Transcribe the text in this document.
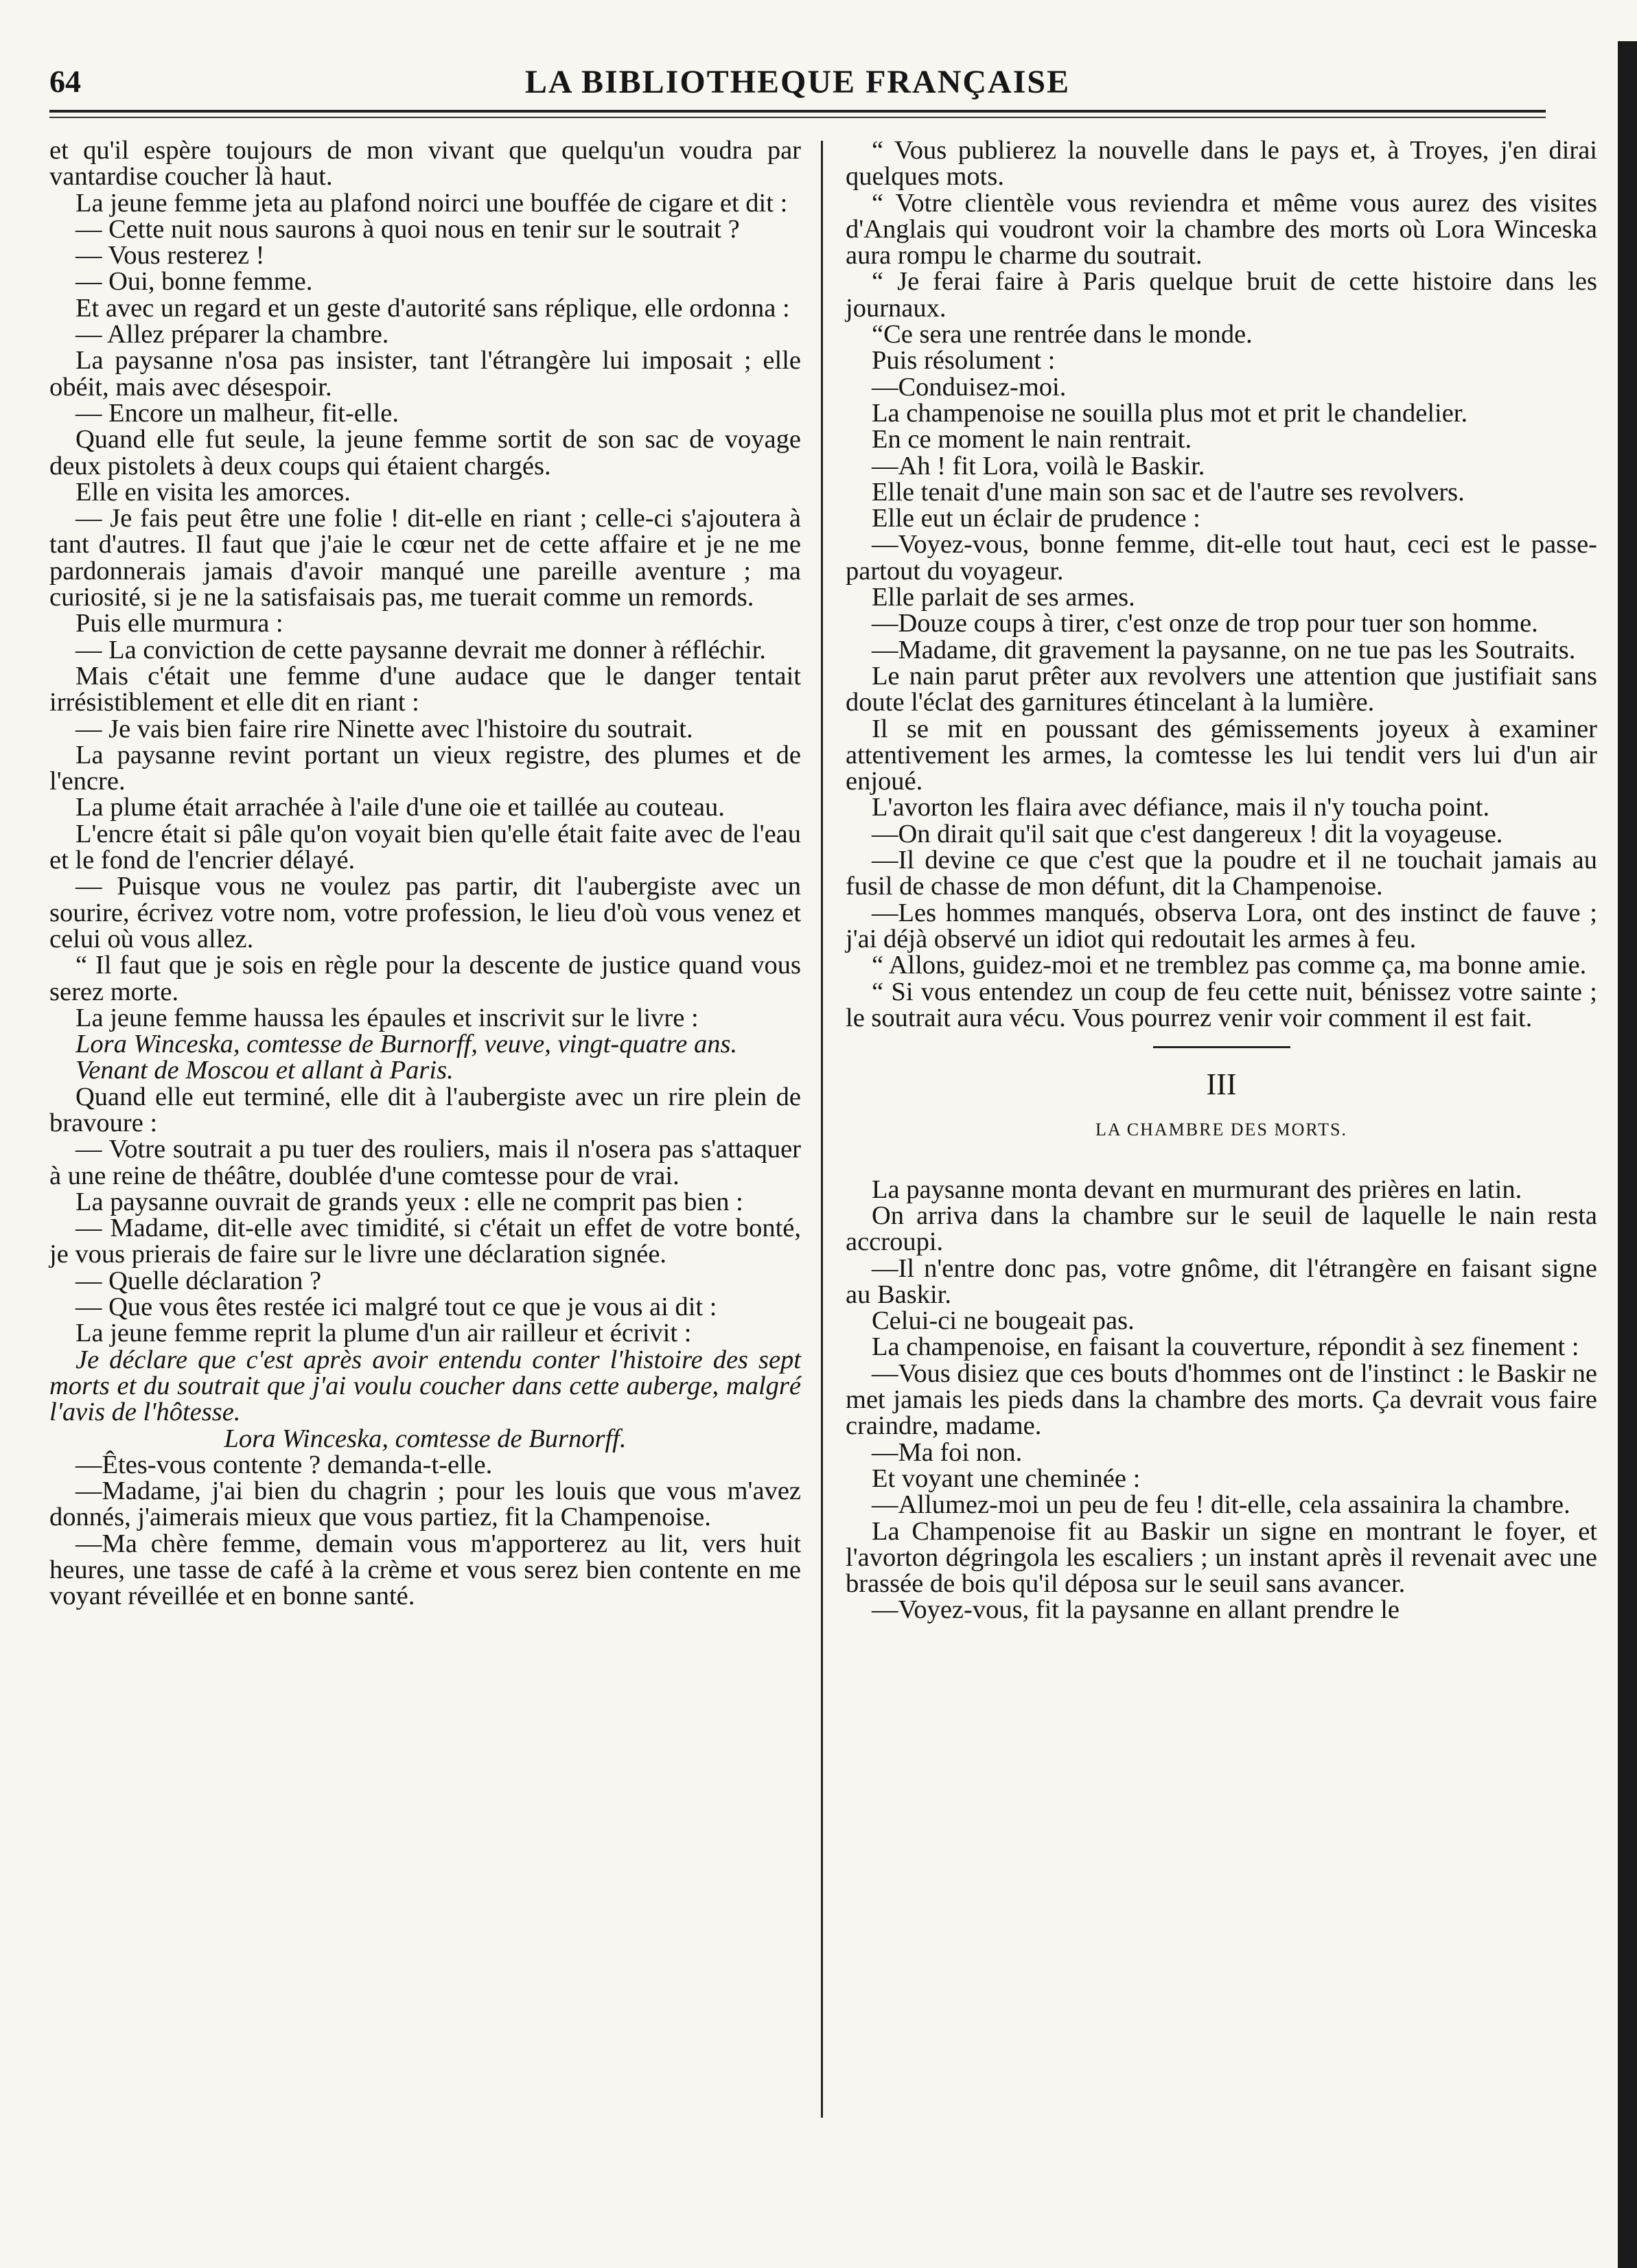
LA BIBLIOTHEQUE FRANÇAISE
64

et qu'il espère toujours de mon vivant que quelqu'un voudra par vantardise coucher là haut.

La jeune femme jeta au plafond noirci une bouffée de cigare et dit :

— Cette nuit nous saurons à quoi nous en tenir sur le soutrait ?

— Vous resterez !

— Oui, bonne femme.

Et avec un regard et un geste d'autorité sans réplique, elle ordonna :

— Allez préparer la chambre.

La paysanne n'osa pas insister, tant l'étrangère lui imposait ; elle obéit, mais avec désespoir.

— Encore un malheur, fit-elle.

Quand elle fut seule, la jeune femme sortit de son sac de voyage deux pistolets à deux coups qui étaient chargés.

Elle en visita les amorces.

— Je fais peut être une folie ! dit-elle en riant ; celle-ci s'ajoutera à tant d'autres. Il faut que j'aie le cœur net de cette affaire et je ne me pardonnerais jamais d'avoir manqué une pareille aventure ; ma curiosité, si je ne la satisfaisais pas, me tuerait comme un remords.

Puis elle murmura :

— La conviction de cette paysanne devrait me donner à réfléchir.

Mais c'était une femme d'une audace que le danger tentait irrésistiblement et elle dit en riant :

— Je vais bien faire rire Ninette avec l'histoire du soutrait.

La paysanne revint portant un vieux registre, des plumes et de l'encre.

La plume était arrachée à l'aile d'une oie et taillée au couteau.

L'encre était si pâle qu'on voyait bien qu'elle était faite avec de l'eau et le fond de l'encrier délayé.

— Puisque vous ne voulez pas partir, dit l'aubergiste avec un sourire, écrivez votre nom, votre profession, le lieu d'où vous venez et celui où vous allez.

“ Il faut que je sois en règle pour la descente de justice quand vous serez morte.

La jeune femme haussa les épaules et inscrivit sur le livre :

Lora Winceska, comtesse de Burnorff, veuve, vingt-quatre ans.

Venant de Moscou et allant à Paris.

Quand elle eut terminé, elle dit à l'aubergiste avec un rire plein de bravoure :

— Votre soutrait a pu tuer des rouliers, mais il n'osera pas s'attaquer à une reine de théâtre, doublée d'une comtesse pour de vrai.

La paysanne ouvrait de grands yeux : elle ne comprit pas bien :

— Madame, dit-elle avec timidité, si c'était un effet de votre bonté, je vous prierais de faire sur le livre une déclaration signée.

— Quelle déclaration ?

— Que vous êtes restée ici malgré tout ce que je vous ai dit :

La jeune femme reprit la plume d'un air railleur et écrivit :

Je déclare que c'est après avoir entendu conter l'histoire des sept morts et du soutrait que j'ai voulu coucher dans cette auberge, malgré l'avis de l'hôtesse.

Lora Winceska, comtesse de Burnorff.

—Êtes-vous contente ? demanda-t-elle.

—Madame, j'ai bien du chagrin ; pour les louis que vous m'avez donnés, j'aimerais mieux que vous partiez, fit la Champenoise.

—Ma chère femme, demain vous m'apporterez au lit, vers huit heures, une tasse de café à la crème et vous serez bien contente en me voyant réveillée et en bonne santé.

“ Vous publierez la nouvelle dans le pays et, à Troyes, j'en dirai quelques mots.

“ Votre clientèle vous reviendra et même vous aurez des visites d'Anglais qui voudront voir la chambre des morts où Lora Winceska aura rompu le charme du soutrait.

“ Je ferai faire à Paris quelque bruit de cette histoire dans les journaux.

“Ce sera une rentrée dans le monde.

Puis résolument :

—Conduisez-moi.

La champenoise ne souilla plus mot et prit le chandelier.

En ce moment le nain rentrait.

—Ah ! fit Lora, voilà le Baskir.

Elle tenait d'une main son sac et de l'autre ses revolvers.

Elle eut un éclair de prudence :

—Voyez-vous, bonne femme, dit-elle tout haut, ceci est le passe-partout du voyageur.

Elle parlait de ses armes.

—Douze coups à tirer, c'est onze de trop pour tuer son homme.

—Madame, dit gravement la paysanne, on ne tue pas les Soutraits.

Le nain parut prêter aux revolvers une attention que justifiait sans doute l'éclat des garnitures étincelant à la lumière.

Il se mit en poussant des gémissements joyeux à examiner attentivement les armes, la comtesse les lui tendit vers lui d'un air enjoué.

L'avorton les flaira avec défiance, mais il n'y toucha point.

—On dirait qu'il sait que c'est dangereux ! dit la voyageuse.

—Il devine ce que c'est que la poudre et il ne touchait jamais au fusil de chasse de mon défunt, dit la Champenoise.

—Les hommes manqués, observa Lora, ont des instinct de fauve ; j'ai déjà observé un idiot qui redoutait les armes à feu.

“ Allons, guidez-moi et ne tremblez pas comme ça, ma bonne amie.

“ Si vous entendez un coup de feu cette nuit, bénissez votre sainte ; le soutrait aura vécu. Vous pourrez venir voir comment il est fait.

III

LA CHAMBRE DES MORTS.

La paysanne monta devant en murmurant des prières en latin.

On arriva dans la chambre sur le seuil de laquelle le nain resta accroupi.

—Il n'entre donc pas, votre gnôme, dit l'étrangère en faisant signe au Baskir.

Celui-ci ne bougeait pas.

La champenoise, en faisant la couverture, répondit à sez finement :

—Vous disiez que ces bouts d'hommes ont de l'instinct : le Baskir ne met jamais les pieds dans la chambre des morts. Ça devrait vous faire craindre, madame.

—Ma foi non.

Et voyant une cheminée :

—Allumez-moi un peu de feu ! dit-elle, cela assainira la chambre.

La Champenoise fit au Baskir un signe en montrant le foyer, et l'avorton dégringola les escaliers ; un instant après il revenait avec une brassée de bois qu'il déposa sur le seuil sans avancer.

—Voyez-vous, fit la paysanne en allant prendre le
